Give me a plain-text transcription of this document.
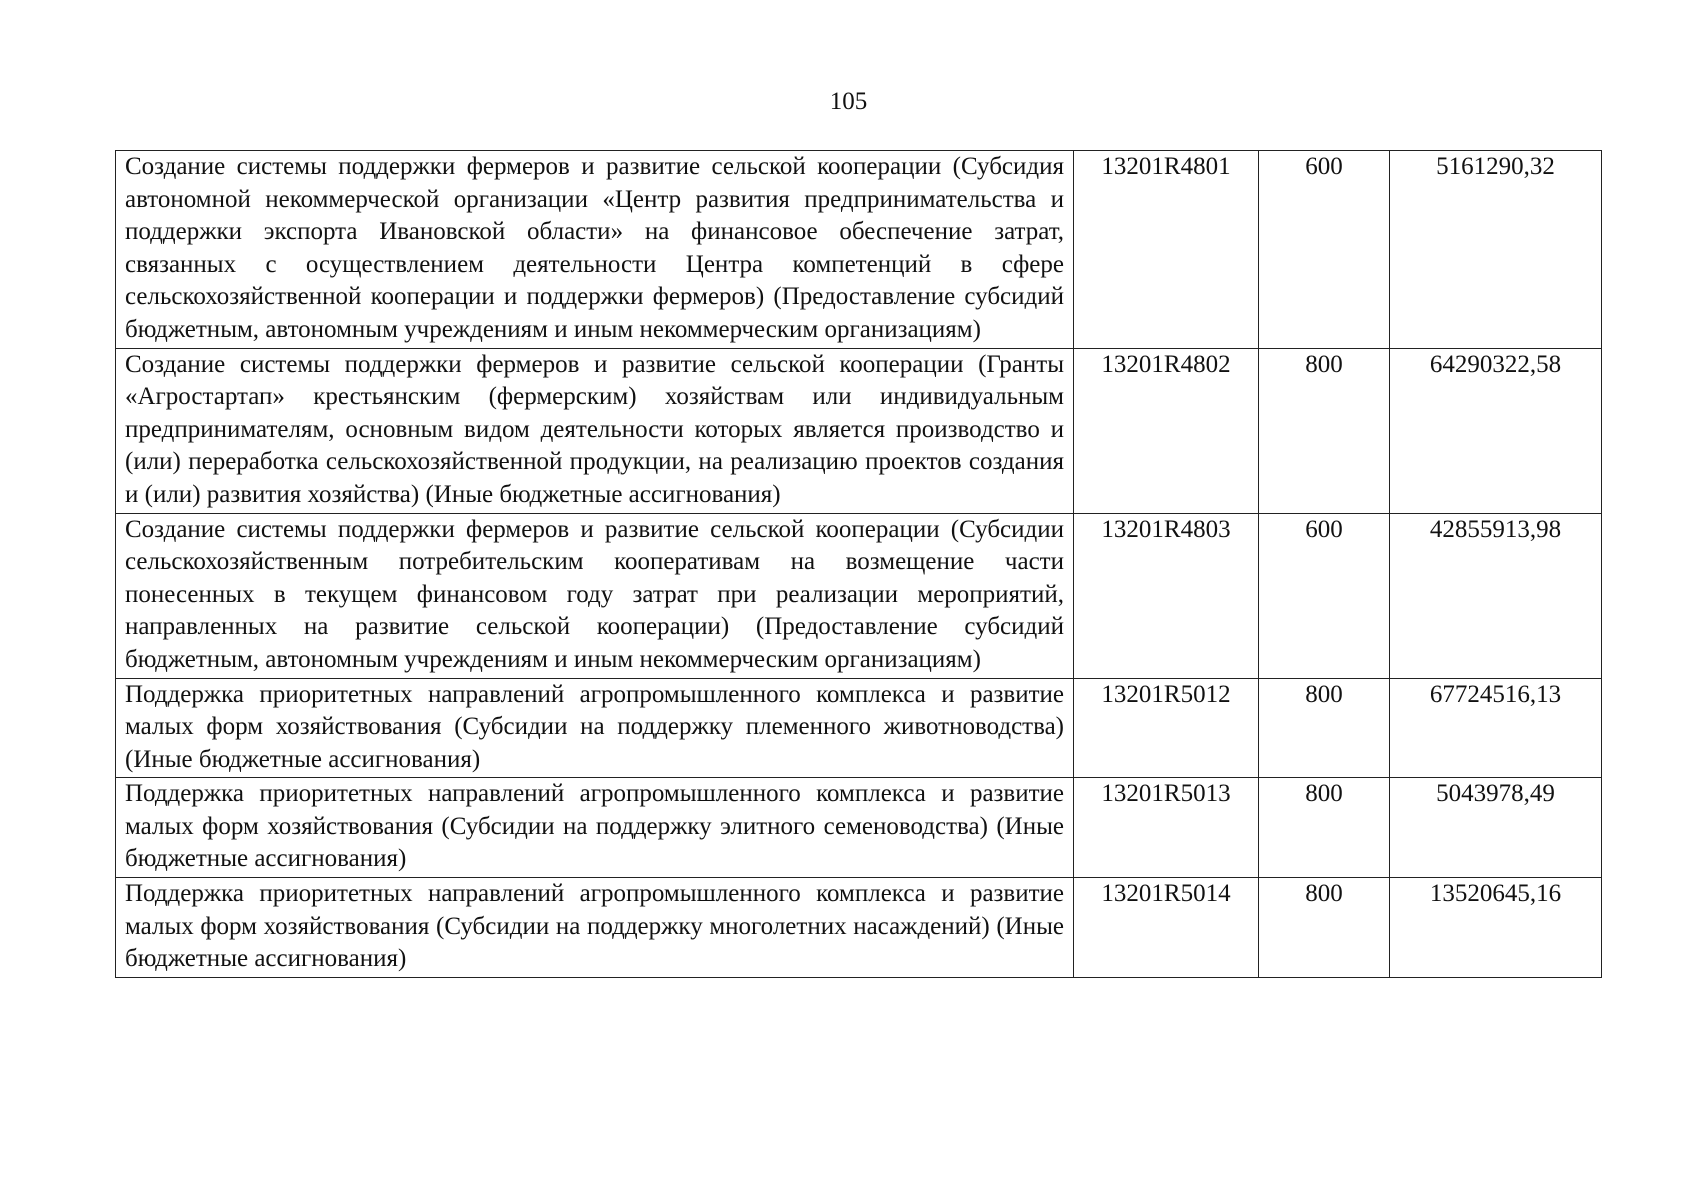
105
Создание системы поддержки фермеров и развитие сельской кооперации (Субсидия автономной некоммерческой организации «Центр развития предпринимательства и поддержки экспорта Ивановской области» на финансовое обеспечение затрат, связанных с осуществлением деятельности Центра компетенций в сфере сельскохозяйственной кооперации и поддержки фермеров) (Предоставление субсидий бюджетным, автономным учреждениям и иным некоммерческим организациям)	13201R4801	600	5161290,32
Создание системы поддержки фермеров и развитие сельской кооперации (Гранты «Агростартап» крестьянским (фермерским) хозяйствам или индивидуальным предпринимателям, основным видом деятельности которых является производство и (или) переработка сельскохозяйственной продукции, на реализацию проектов создания и (или) развития хозяйства) (Иные бюджетные ассигнования)	13201R4802	800	64290322,58
Создание системы поддержки фермеров и развитие сельской кооперации (Субсидии сельскохозяйственным потребительским кооперативам на возмещение части понесенных в текущем финансовом году затрат при реализации мероприятий, направленных на развитие сельской кооперации) (Предоставление субсидий бюджетным, автономным учреждениям и иным некоммерческим организациям)	13201R4803	600	42855913,98
Поддержка приоритетных направлений агропромышленного комплекса и развитие малых форм хозяйствования (Субсидии на поддержку племенного животноводства) (Иные бюджетные ассигнования)	13201R5012	800	67724516,13
Поддержка приоритетных направлений агропромышленного комплекса и развитие малых форм хозяйствования (Субсидии на поддержку элитного семеноводства) (Иные бюджетные ассигнования)	13201R5013	800	5043978,49
Поддержка приоритетных направлений агропромышленного комплекса и развитие малых форм хозяйствования (Субсидии на поддержку многолетних насаждений) (Иные бюджетные ассигнования)	13201R5014	800	13520645,16
